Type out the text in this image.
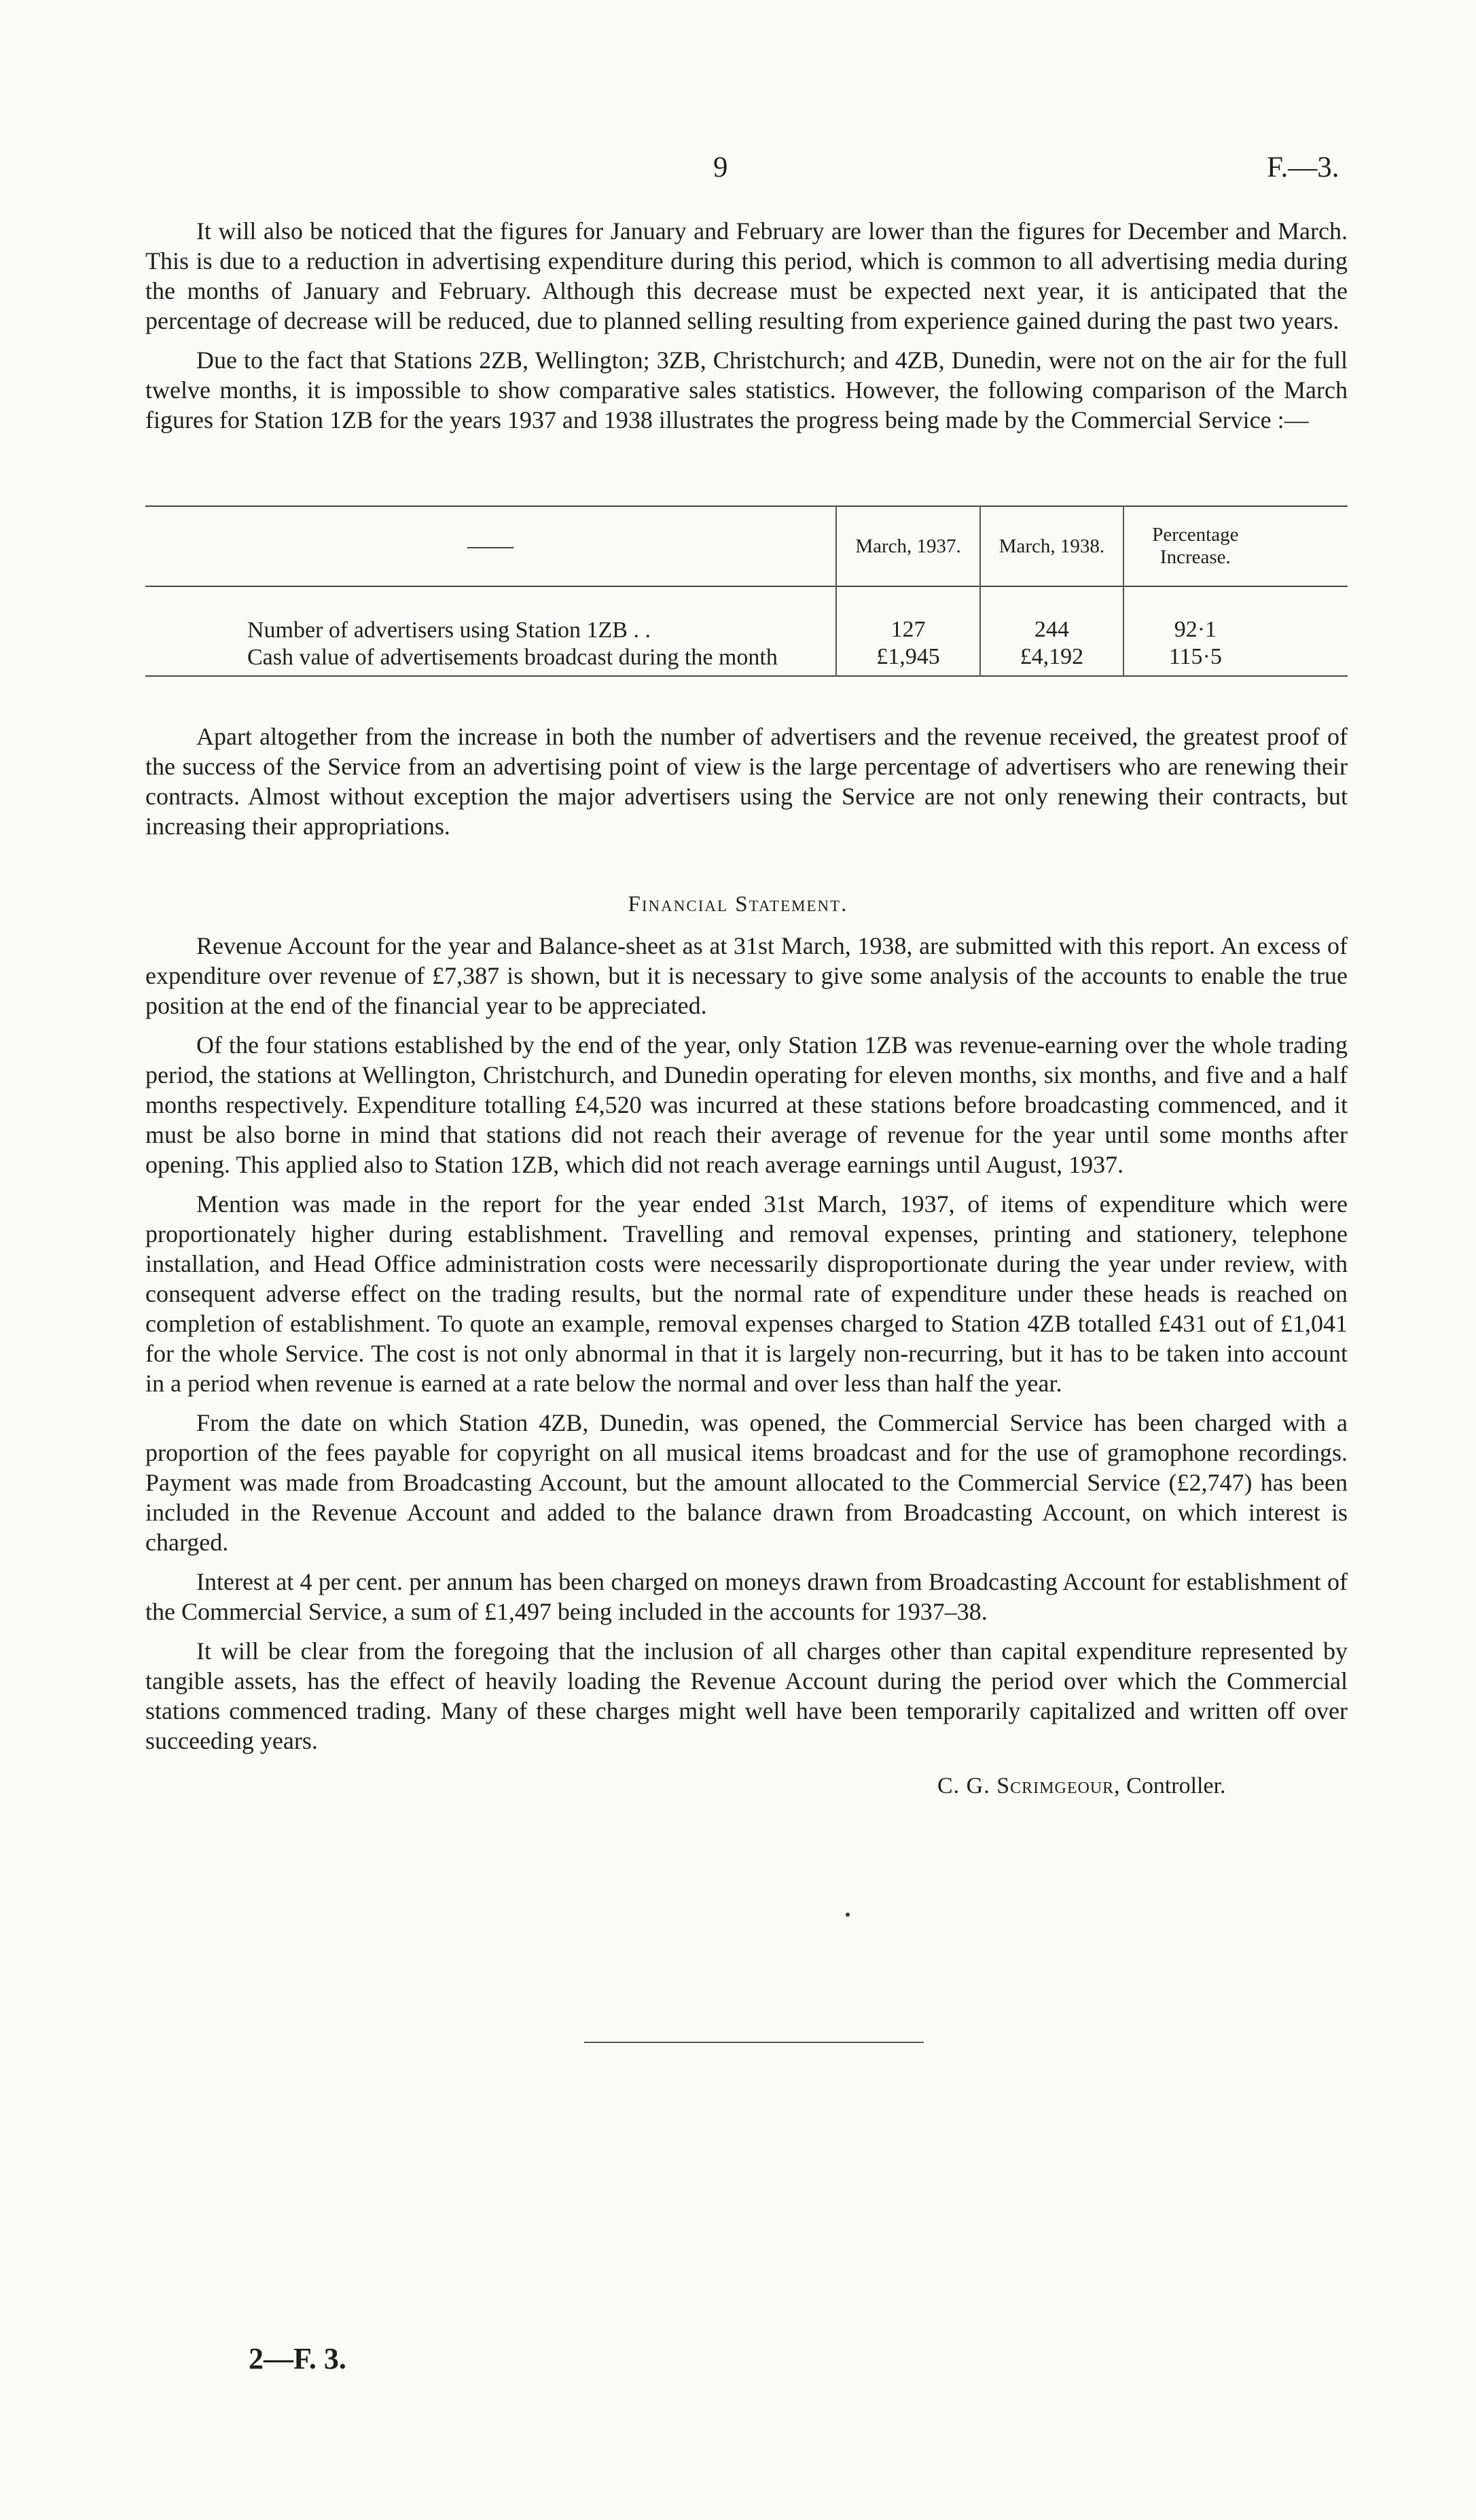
9	F.—3.

It will also be noticed that the figures for January and February are lower than the figures for December and March. This is due to a reduction in advertising expenditure during this period, which is common to all advertising media during the months of January and February. Although this decrease must be expected next year, it is anticipated that the percentage of decrease will be reduced, due to planned selling resulting from experience gained during the past two years.

Due to the fact that Stations 2ZB, Wellington; 3ZB, Christchurch; and 4ZB, Dunedin, were not on the air for the full twelve months, it is impossible to show comparative sales statistics. However, the following comparison of the March figures for Station 1ZB for the years 1937 and 1938 illustrates the progress being made by the Commercial Service :—

——	March, 1937.	March, 1938.	Percentage Increase.	

Number of advertisers using Station 1ZB . .	127	244	92·1	
Cash value of advertisements broadcast during the month	£1,945	£4,192	115·5	

Apart altogether from the increase in both the number of advertisers and the revenue received, the greatest proof of the success of the Service from an advertising point of view is the large percentage of advertisers who are renewing their contracts. Almost without exception the major advertisers using the Service are not only renewing their contracts, but increasing their appropriations.

Financial Statement.

Revenue Account for the year and Balance-sheet as at 31st March, 1938, are submitted with this report. An excess of expenditure over revenue of £7,387 is shown, but it is necessary to give some analysis of the accounts to enable the true position at the end of the financial year to be appreciated.

Of the four stations established by the end of the year, only Station 1ZB was revenue-earning over the whole trading period, the stations at Wellington, Christchurch, and Dunedin operating for eleven months, six months, and five and a half months respectively. Expenditure totalling £4,520 was incurred at these stations before broadcasting commenced, and it must be also borne in mind that stations did not reach their average of revenue for the year until some months after opening. This applied also to Station 1ZB, which did not reach average earnings until August, 1937.

Mention was made in the report for the year ended 31st March, 1937, of items of expenditure which were proportionately higher during establishment. Travelling and removal expenses, printing and stationery, telephone installation, and Head Office administration costs were necessarily disproportionate during the year under review, with consequent adverse effect on the trading results, but the normal rate of expenditure under these heads is reached on completion of establishment. To quote an example, removal expenses charged to Station 4ZB totalled £431 out of £1,041 for the whole Service. The cost is not only abnormal in that it is largely non-recurring, but it has to be taken into account in a period when revenue is earned at a rate below the normal and over less than half the year.

From the date on which Station 4ZB, Dunedin, was opened, the Commercial Service has been charged with a proportion of the fees payable for copyright on all musical items broadcast and for the use of gramophone recordings. Payment was made from Broadcasting Account, but the amount allocated to the Commercial Service (£2,747) has been included in the Revenue Account and added to the balance drawn from Broadcasting Account, on which interest is charged.

Interest at 4 per cent. per annum has been charged on moneys drawn from Broadcasting Account for establishment of the Commercial Service, a sum of £1,497 being included in the accounts for 1937–38.

It will be clear from the foregoing that the inclusion of all charges other than capital expenditure represented by tangible assets, has the effect of heavily loading the Revenue Account during the period over which the Commercial stations commenced trading. Many of these charges might well have been temporarily capitalized and written off over succeeding years.

C. G. Scrimgeour, Controller.
2—F. 3.
